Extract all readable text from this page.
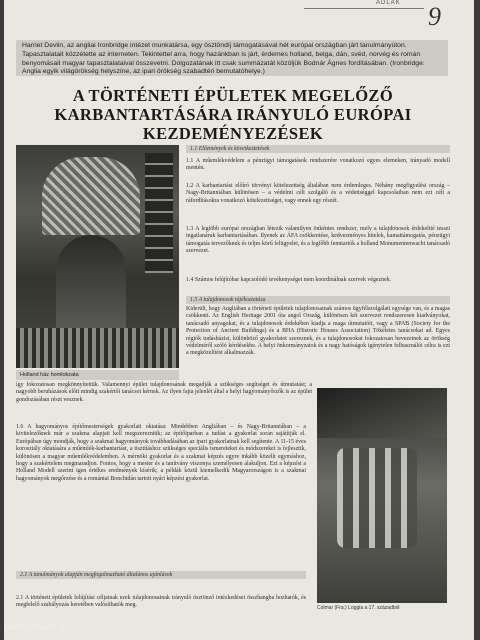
ADLAK 9
Harriet Devlin, az angliai Ironbridge intézet munkatársa, egy ösztöndíj támogatásával hét európai országban járt tanulmányúton. Tapasztalatait közzétette az interneten. Tekintettel arra, hogy hazánkban is járt, érdemes holland, belga, dán, svéd, norvég és román benyomásait magyar tapasztalataival összevetni. Dolgozatának itt csak summázatát közöljük Bodnár Ágnes fordításában. (Ironbridge: Anglia egyik világörökség helyszíne, az ipari örökség szabadtéri bemutatóhelye.)
A TÖRTÉNETI ÉPÜLETEK MEGELŐZŐ KARBANTARTÁSÁRA IRÁNYULÓ EURÓPAI KEZDEMÉNYEZÉSEK
Holland ház homlokzata
1.1 Előzmények és következtetések
1.1 A műemlékvédelem a pénzügyi támogatások rendszerére vonatkozó egyes elemeken, irányadó modell mentén.
1.2 A karbantartást előíró törvényi kötelezettség általában nem érdemleges. Néhány megfigyelési ország – Nagy-Britanniában különösen – a védelmi célt szolgáló és a védettséggel kapcsolatban nem ezt célt a ráfordításokra vonatkozó kötelezettséget, vagy ennek egy részét.
1.3 A legtöbb európai országban létezik valamilyen önkéntes rendszer, mely a tulajdonosok érdekeltté tesszi ingatlanáruk karbantartásában. Ilyenek az ÁFA csökkentése, kedvezményes hitelek, kamattámogatás, pénzügyi támogatás tervezőknek és teljes körű felügyelet, és a legfőbb fenntartók a holland Monumentenwacht tanácsadó szervezet.
1.4 Számos felújítóbar kapcsolódó tevékenységet nem koordinálnak szervek végeznek.
1.5 A tulajdonosok tájékoztatása
Kiderült, hogy Angliában a történeti épületek tulajdonosainak számos ügyfélszolgálati egysége van, és a magas csökkenti. Az English Heritage 2001 óta angol Ország, különösen két szervezet rendszeresen kiadványokat, tanácsadó anyagokat, és a tulajdonosok érdekében kiadja a maga útmutatóit, vagy a SPAB (Society for the Protection of Ancient Buildings) és a BHA (Historic Houses Association) Tökéletes tanácsokat ad. Egyes régiók tudásbázist, különböző gyakorlatot szereznek, és a tulajdonosokat fokozatosan bevezetnek az örökség védelméről szóló kérdésekbe. A helyi önkormányzatok és a nagy hatóságok igénytelen felhasználói célra is ezt a megközelítést alkalmazzák.
így fokozatosan megkönnyítettük. Valamennyi épület tulajdonosának megadják a szükséges segítséget és útmutatást; a nagyobb beruházások előtt mindig szakértői tanácsot kérnek. Az ilyen fajta jelenlét által a helyi hagyományőrzők is az épület gondozásában részt vesznek.
1.6 A hagyományos építőmesterségek gyakorlati oktatása: Mindebben Angliában – és Nagy-Britanniában – a kivitelezőknek már a szakma alapjait kell megszerezniük; az építőiparban a tudást a gyakorlat során sajátítják el. Európában úgy mondják, hogy a szakmai hagyományok továbbadásában az ipari gyakorlatnak kell segítenie. A 11-15 éves korosztály oktatására a műemlék-karbantartást, a tisztításhoz szükséges speciális ismereteket és módszereket is fejlesztik, különösen a magyar műemlékvédelemben. A mérnöki gyakorlat és a szakmai képzés egyre inkább közelít egymáshoz, hogy a szakértelem megmaradjon. Fontos, hogy a mester és a tanítvány viszonya személyesen alakuljon. Ezt a képzést a Holland Modell szerint igen értékes eredmények kísérik; a példák közül kiemelkedik Magyarországon is a szakmai hagyományok megőrzése és a romániai Bonchidán tartott nyári képzési gyakorlat.
2.1 A tanulmányok alapján megfogalmazható általános ajánlások
2.1 A történeti épületek felújítási céljainak ezek tulajdonosainak irányuló ösztönző intézkedései összhangba hozhatók, és megfelelő szabályozás keretében valósíthatók meg.	Colmar (Fra.) Loggia a 17. századból
Antikvarium.hu
